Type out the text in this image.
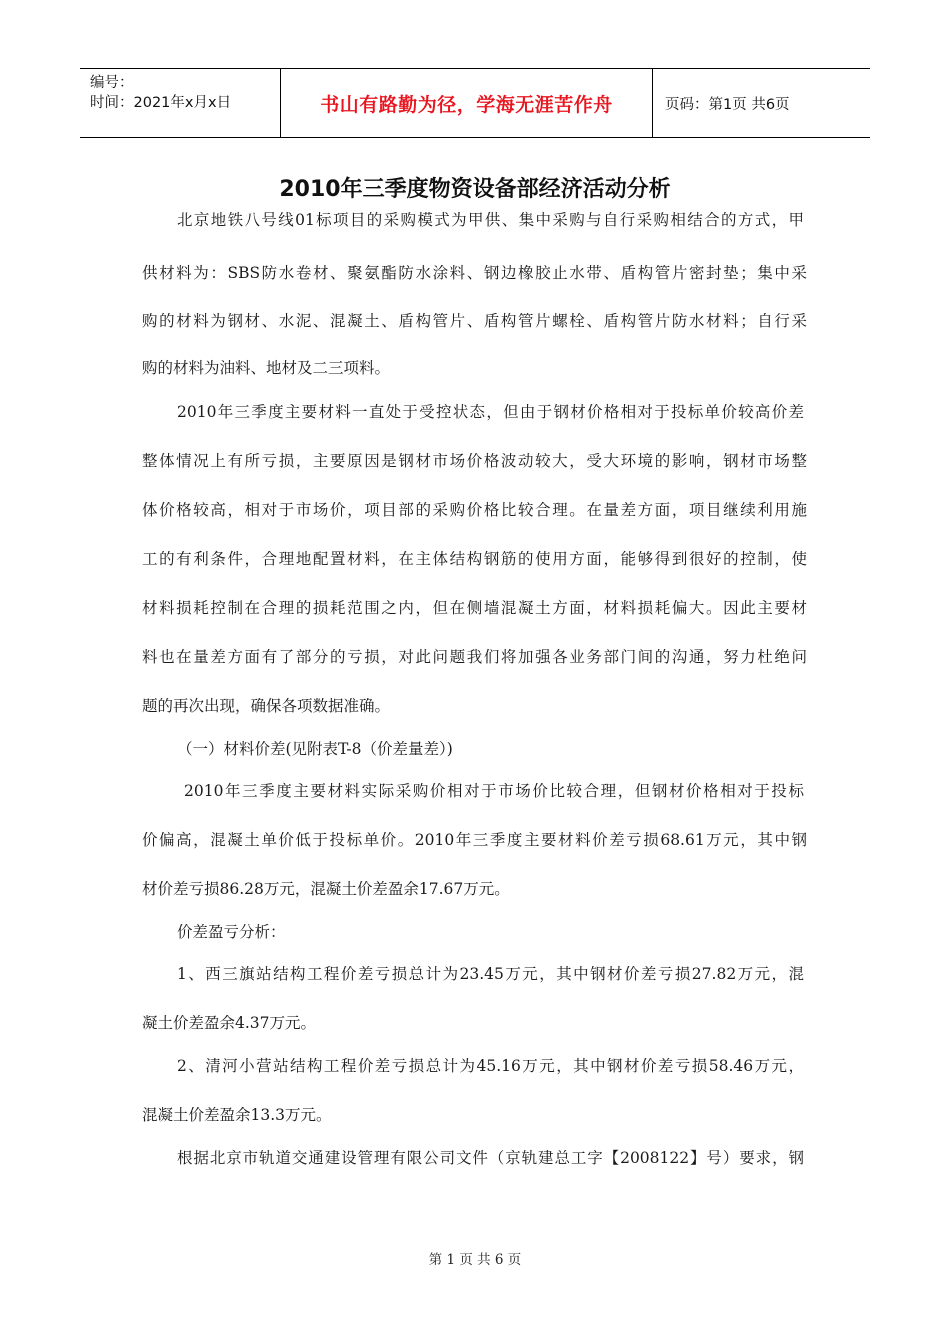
编号：
时间：2021年x月x日	书山有路勤为径，学海无涯苦作舟	页码：第1页 共6页
2010年三季度物资设备部经济活动分析
北京地铁八号线01标项目的采购模式为甲供、集中采购与自行采购相结合的方式，甲
供材料为：SBS防水卷材、聚氨酯防水涂料、钢边橡胶止水带、盾构管片密封垫；集中采
购的材料为钢材、水泥、混凝土、盾构管片、盾构管片螺栓、盾构管片防水材料；自行采
购的材料为油料、地材及二三项料。
2010年三季度主要材料一直处于受控状态，但由于钢材价格相对于投标单价较高价差
整体情况上有所亏损，主要原因是钢材市场价格波动较大，受大环境的影响，钢材市场整
体价格较高，相对于市场价，项目部的采购价格比较合理。在量差方面，项目继续利用施
工的有利条件，合理地配置材料，在主体结构钢筋的使用方面，能够得到很好的控制，使
材料损耗控制在合理的损耗范围之内，但在侧墙混凝土方面，材料损耗偏大。因此主要材
料也在量差方面有了部分的亏损，对此问题我们将加强各业务部门间的沟通，努力杜绝问
题的再次出现，确保各项数据准确。
（一）材料价差(见附表T-8（价差量差）)
2010年三季度主要材料实际采购价相对于市场价比较合理，但钢材价格相对于投标
价偏高，混凝土单价低于投标单价。2010年三季度主要材料价差亏损68.61万元，其中钢
材价差亏损86.28万元，混凝土价差盈余17.67万元。
价差盈亏分析：
1、西三旗站结构工程价差亏损总计为23.45万元，其中钢材价差亏损27.82万元，混
凝土价差盈余4.37万元。
2、清河小营站结构工程价差亏损总计为45.16万元，其中钢材价差亏损58.46万元，
混凝土价差盈余13.3万元。
根据北京市轨道交通建设管理有限公司文件（京轨建总工字【2008122】号）要求，钢
第 1 页 共 6 页
